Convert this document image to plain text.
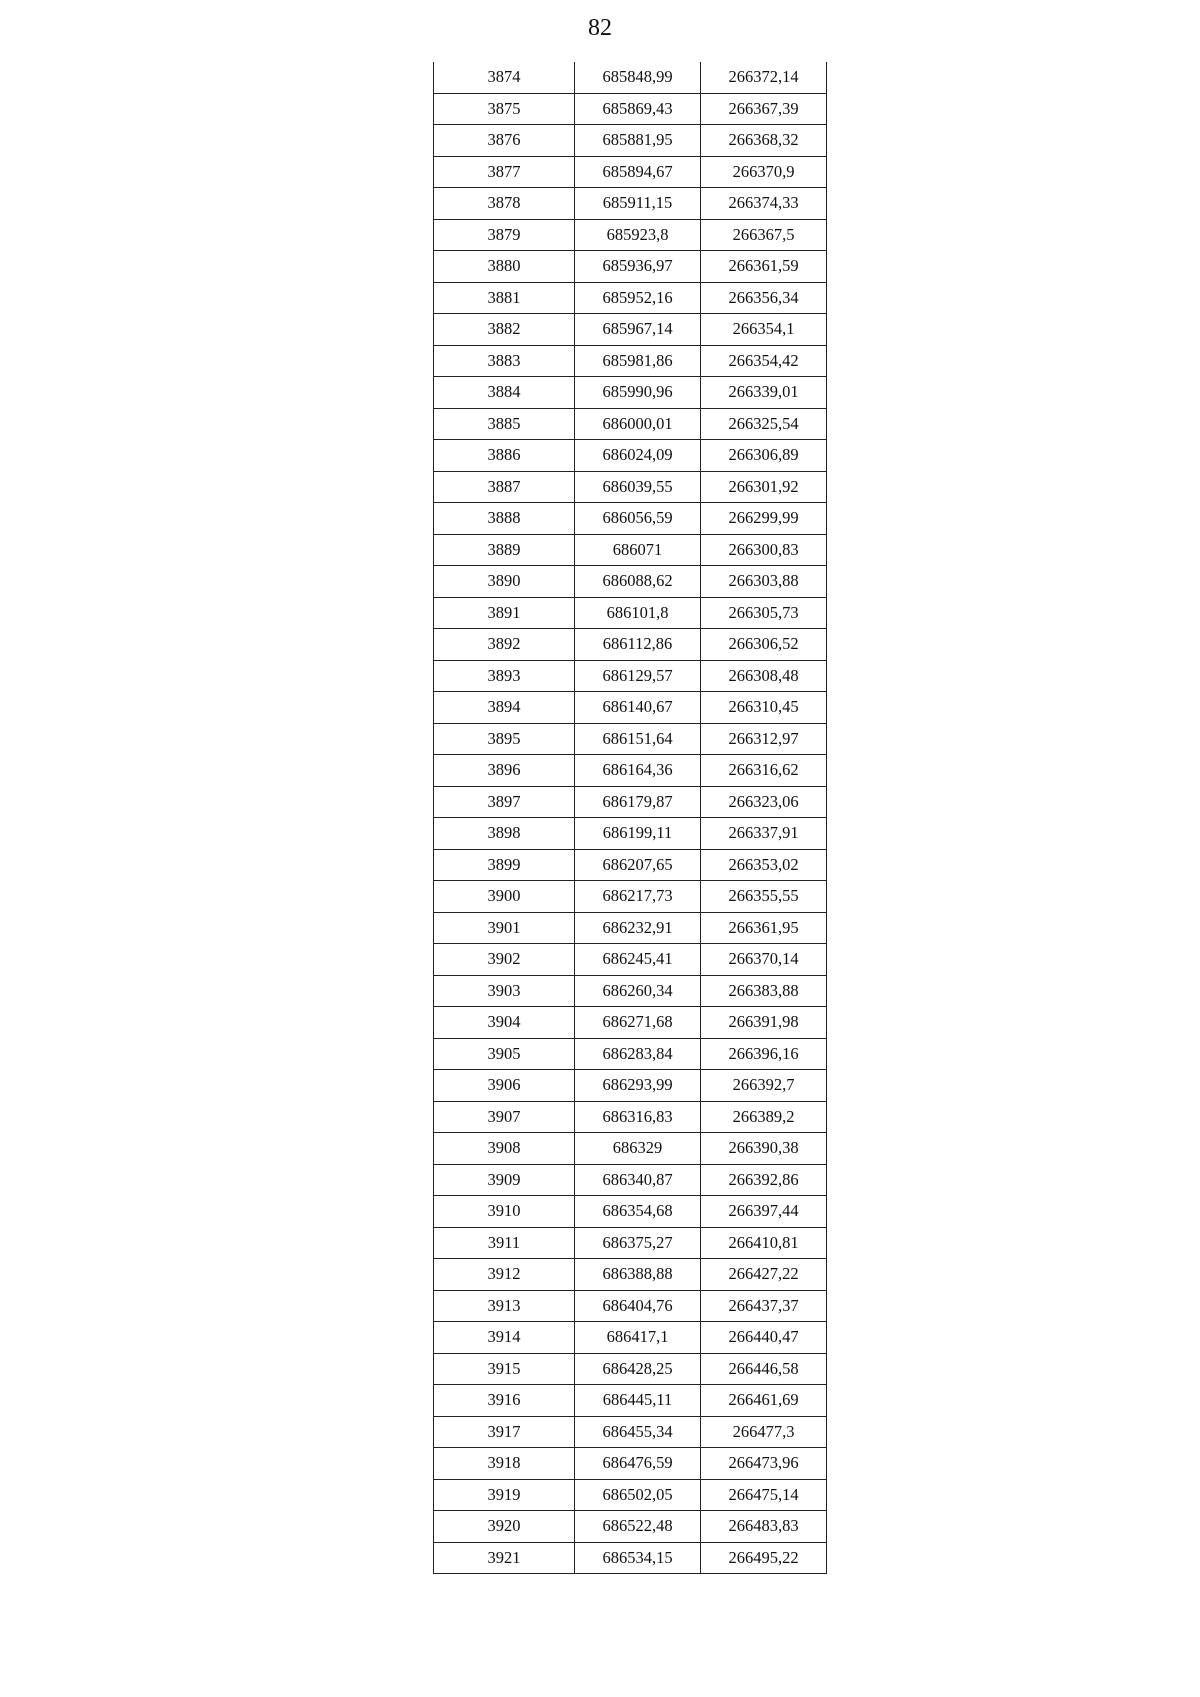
82
3874	685848,99	266372,14
3875	685869,43	266367,39
3876	685881,95	266368,32
3877	685894,67	266370,9
3878	685911,15	266374,33
3879	685923,8	266367,5
3880	685936,97	266361,59
3881	685952,16	266356,34
3882	685967,14	266354,1
3883	685981,86	266354,42
3884	685990,96	266339,01
3885	686000,01	266325,54
3886	686024,09	266306,89
3887	686039,55	266301,92
3888	686056,59	266299,99
3889	686071	266300,83
3890	686088,62	266303,88
3891	686101,8	266305,73
3892	686112,86	266306,52
3893	686129,57	266308,48
3894	686140,67	266310,45
3895	686151,64	266312,97
3896	686164,36	266316,62
3897	686179,87	266323,06
3898	686199,11	266337,91
3899	686207,65	266353,02
3900	686217,73	266355,55
3901	686232,91	266361,95
3902	686245,41	266370,14
3903	686260,34	266383,88
3904	686271,68	266391,98
3905	686283,84	266396,16
3906	686293,99	266392,7
3907	686316,83	266389,2
3908	686329	266390,38
3909	686340,87	266392,86
3910	686354,68	266397,44
3911	686375,27	266410,81
3912	686388,88	266427,22
3913	686404,76	266437,37
3914	686417,1	266440,47
3915	686428,25	266446,58
3916	686445,11	266461,69
3917	686455,34	266477,3
3918	686476,59	266473,96
3919	686502,05	266475,14
3920	686522,48	266483,83
3921	686534,15	266495,22
